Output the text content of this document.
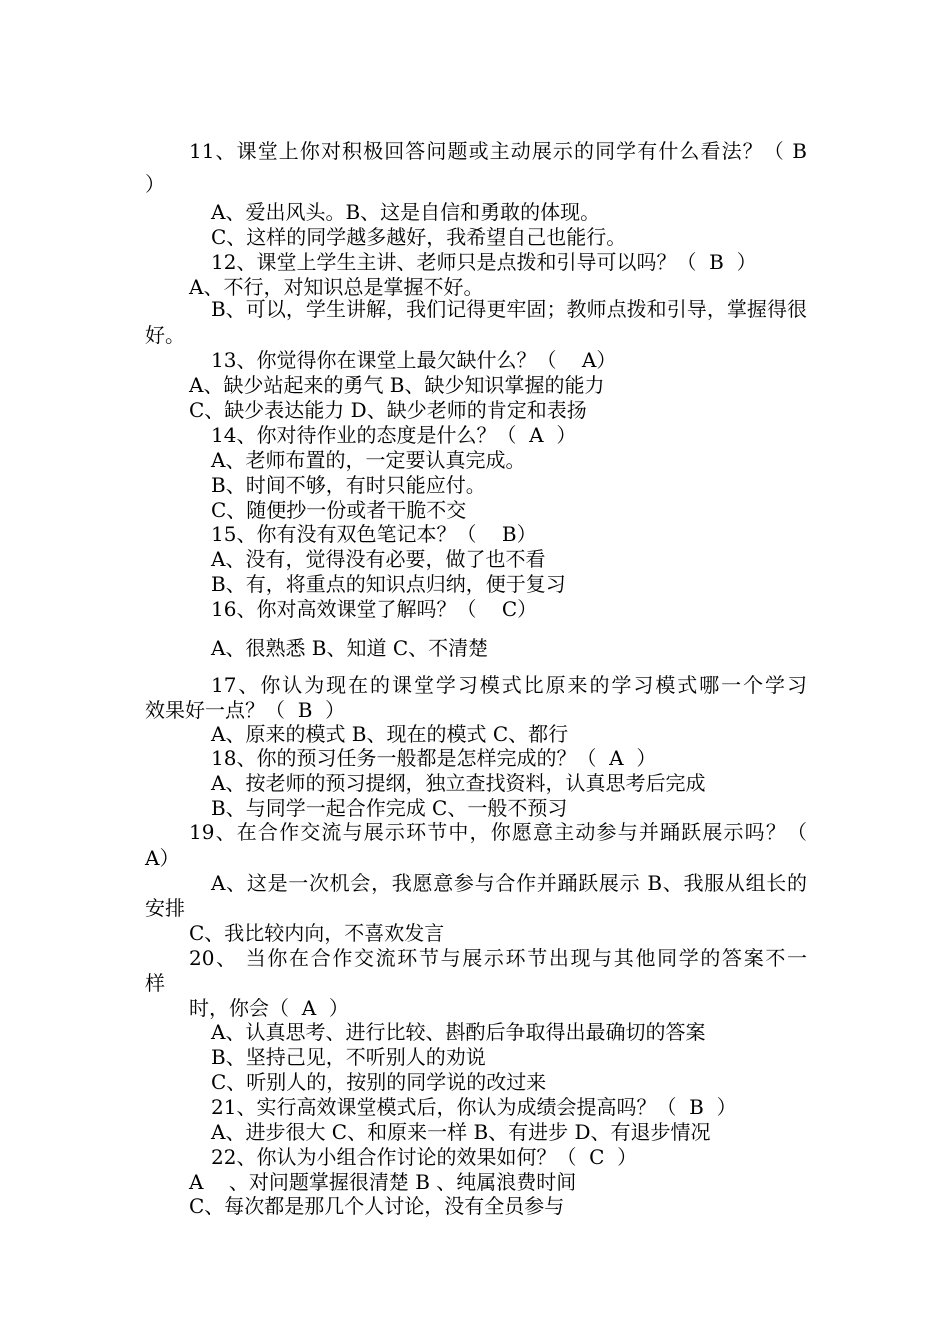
11、课堂上你对积极回答问题或主动展示的同学有什么看法？（ B
）
A、爱出风头。B、这是自信和勇敢的体现。
C、这样的同学越多越好，我希望自己也能行。
12、课堂上学生主讲、老师只是点拨和引导可以吗？（  B  ）
A、不行，对知识总是掌握不好。
B、可以，学生讲解，我们记得更牢固；教师点拨和引导，掌握得很
好。
13、你觉得你在课堂上最欠缺什么？（    A）
A、缺少站起来的勇气 B、缺少知识掌握的能力
C、缺少表达能力 D、缺少老师的肯定和表扬
14、你对待作业的态度是什么？（  A  ）
A、老师布置的，一定要认真完成。
B、时间不够，有时只能应付。
C、随便抄一份或者干脆不交
15、你有没有双色笔记本？（    B）
A、没有，觉得没有必要，做了也不看
B、有，将重点的知识点归纳，便于复习
16、你对高效课堂了解吗？（    C）
A、很熟悉 B、知道 C、不清楚
17、你认为现在的课堂学习模式比原来的学习模式哪一个学习
效果好一点？（  B  ）
A、原来的模式 B、现在的模式 C、都行
18、你的预习任务一般都是怎样完成的？（  A  ）
A、按老师的预习提纲，独立查找资料，认真思考后完成
B、与同学一起合作完成 C、一般不预习
19、在合作交流与展示环节中，你愿意主动参与并踊跃展示吗？（
A）
A、这是一次机会，我愿意参与合作并踊跃展示 B、我服从组长的
安排
C、我比较内向，不喜欢发言
20、 当你在合作交流环节与展示环节出现与其他同学的答案不一
样
时，你会（  A  ）
A、认真思考、进行比较、斟酌后争取得出最确切的答案
B、坚持己见，不听别人的劝说
C、听别人的，按别的同学说的改过来
21、实行高效课堂模式后，你认为成绩会提高吗？（  B  ）
A、进步很大 C、和原来一样 B、有进步 D、有退步情况
22、你认为小组合作讨论的效果如何？（  C  ）
A    、对问题掌握很清楚 B 、纯属浪费时间
C、每次都是那几个人讨论，没有全员参与
